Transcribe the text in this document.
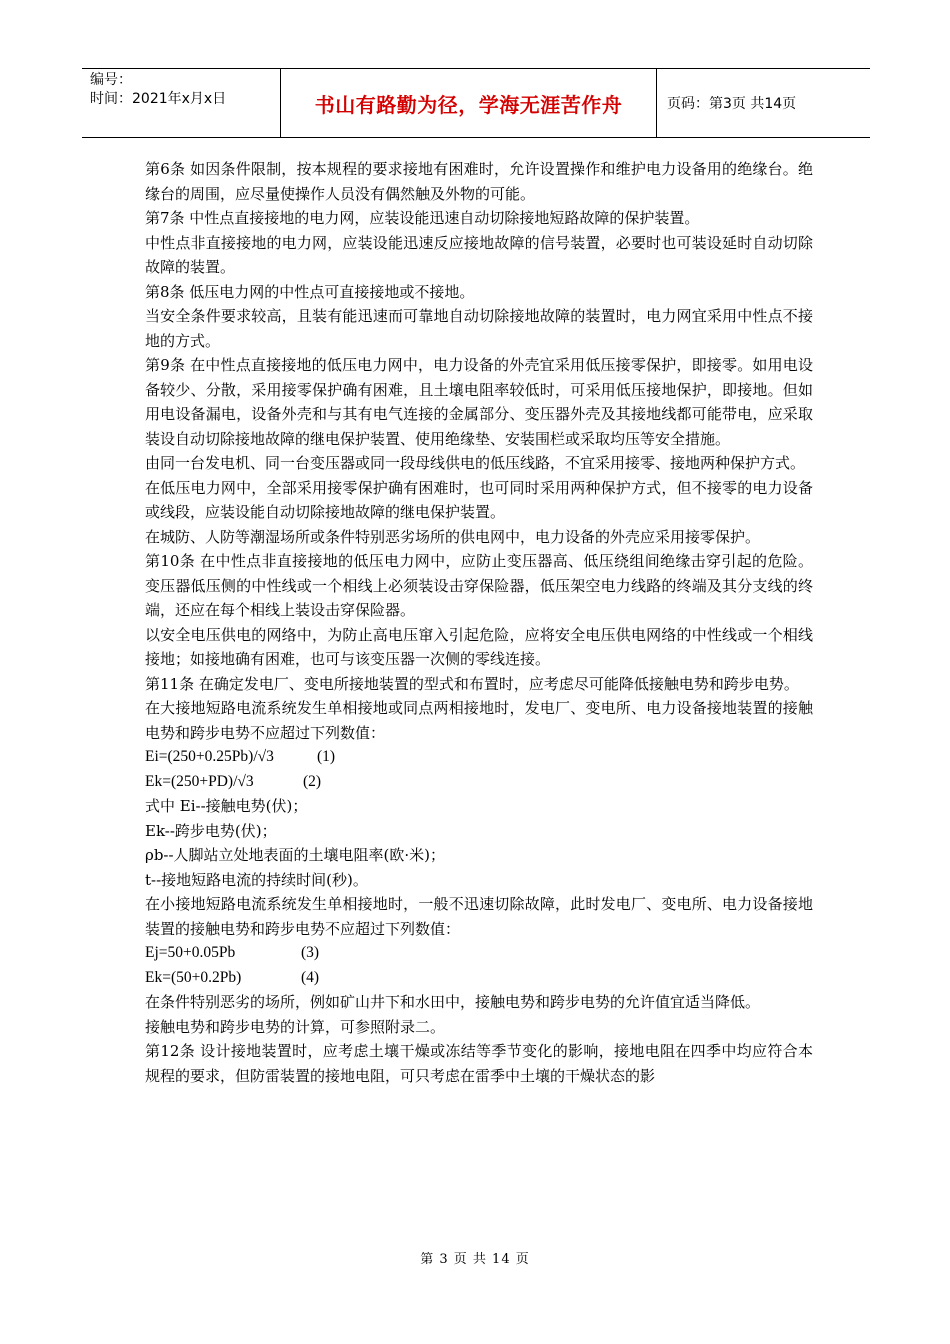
编号：
时间：2021年x月x日	书山有路勤为径，学海无涯苦作舟	页码：第3页 共14页

第6条 如因条件限制，按本规程的要求接地有困难时，允许设置操作和维护电力设备用的绝缘台。绝缘台的周围，应尽量使操作人员没有偶然触及外物的可能。

第7条 中性点直接接地的电力网，应装设能迅速自动切除接地短路故障的保护装置。

中性点非直接接地的电力网，应装设能迅速反应接地故障的信号装置，必要时也可装设延时自动切除故障的装置。

第8条 低压电力网的中性点可直接接地或不接地。

当安全条件要求较高，且装有能迅速而可靠地自动切除接地故障的装置时，电力网宜采用中性点不接地的方式。

第9条 在中性点直接接地的低压电力网中，电力设备的外壳宜采用低压接零保护，即接零。如用电设备较少、分散，采用接零保护确有困难，且土壤电阻率较低时，可采用低压接地保护，即接地。但如用电设备漏电，设备外壳和与其有电气连接的金属部分、变压器外壳及其接地线都可能带电，应采取装设自动切除接地故障的继电保护装置、使用绝缘垫、安装围栏或采取均压等安全措施。

由同一台发电机、同一台变压器或同一段母线供电的低压线路，不宜采用接零、接地两种保护方式。

在低压电力网中，全部采用接零保护确有困难时，也可同时采用两种保护方式，但不接零的电力设备或线段，应装设能自动切除接地故障的继电保护装置。

在城防、人防等潮湿场所或条件特别恶劣场所的供电网中，电力设备的外壳应采用接零保护。

第10条 在中性点非直接接地的低压电力网中，应防止变压器高、低压绕组间绝缘击穿引起的危险。变压器低压侧的中性线或一个相线上必须装设击穿保险器，低压架空电力线路的终端及其分支线的终端，还应在每个相线上装设击穿保险器。

以安全电压供电的网络中，为防止高电压窜入引起危险，应将安全电压供电网络的中性线或一个相线接地；如接地确有困难，也可与该变压器一次侧的零线连接。

第11条 在确定发电厂、变电所接地装置的型式和布置时，应考虑尽可能降低接触电势和跨步电势。

在大接地短路电流系统发生单相接地或同点两相接地时，发电厂、变电所、电力设备接地装置的接触电势和跨步电势不应超过下列数值：

Ei=(250+0.25Pb)/√3	(1)
Ek=(250+PD)/√3	(2)

式中 Ei--接触电势(伏)；

Ek--跨步电势(伏)；

ρb--人脚站立处地表面的土壤电阻率(欧·米)；

t--接地短路电流的持续时间(秒)。

在小接地短路电流系统发生单相接地时，一般不迅速切除故障，此时发电厂、变电所、电力设备接地装置的接触电势和跨步电势不应超过下列数值：

Ej=50+0.05Pb	(3)
Ek=(50+0.2Pb)	(4)

在条件特别恶劣的场所，例如矿山井下和水田中，接触电势和跨步电势的允许值宜适当降低。

接触电势和跨步电势的计算，可参照附录二。

第12条 设计接地装置时，应考虑土壤干燥或冻结等季节变化的影响，接地电阻在四季中均应符合本规程的要求，但防雷装置的接地电阻，可只考虑在雷季中土壤的干燥状态的影

第 3 页 共 14 页
